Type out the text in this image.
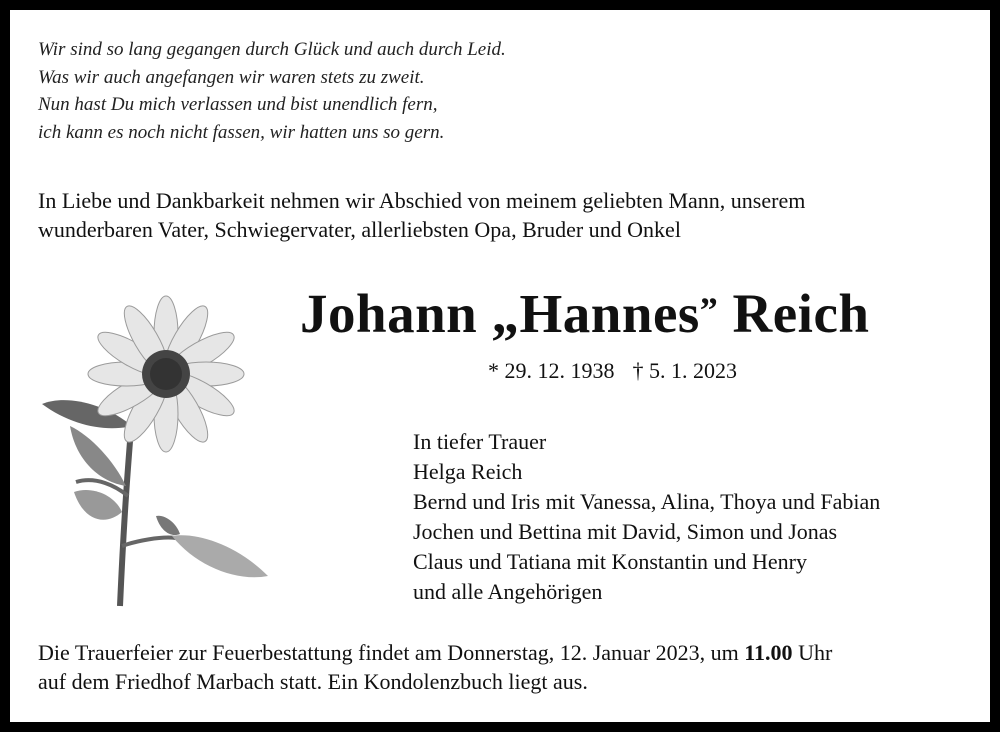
Wir sind so lang gegangen durch Glück und auch durch Leid.
Was wir auch angefangen wir waren stets zu zweit.
Nun hast Du mich verlassen und bist unendlich fern,
ich kann es noch nicht fassen, wir hatten uns so gern.
In Liebe und Dankbarkeit nehmen wir Abschied von meinem geliebten Mann, unserem
wunderbaren Vater, Schwiegervater, allerliebsten Opa, Bruder und Onkel
Johann „Hannes” Reich
* 29. 12. 1938 † 5. 1. 2023
In tiefer Trauer
Helga Reich
Bernd und Iris mit Vanessa, Alina, Thoya und Fabian
Jochen und Bettina mit David, Simon und Jonas
Claus und Tatiana mit Konstantin und Henry
und alle Angehörigen
Die Trauerfeier zur Feuerbestattung findet am Donnerstag, 12. Januar 2023, um 11.00 Uhr
auf dem Friedhof Marbach statt. Ein Kondolenzbuch liegt aus.
